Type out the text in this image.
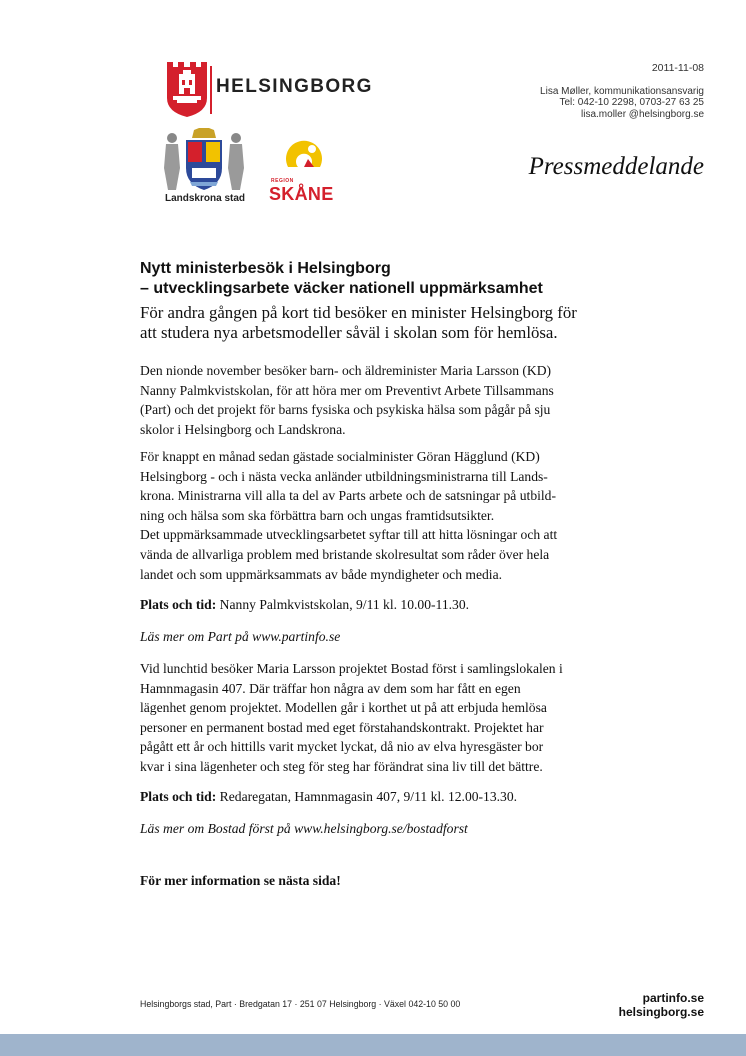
HELSINGBORG
Landskrona stad
REGION
SKÅNE
2011-11-08
Lisa Møller, kommunikationsansvarig
Tel: 042-10 2298, 0703-27 63 25
lisa.moller @helsingborg.se
Pressmeddelande
Nytt ministerbesök i Helsingborg
– utvecklingsarbete väcker nationell uppmärksamhet
För andra gången på kort tid besöker en minister Helsingborg för
att studera nya arbetsmodeller såväl i skolan som för hemlösa.

Den nionde november besöker barn- och äldreminister Maria Larsson (KD)

Nanny Palmkvistskolan, för att höra mer om Preventivt Arbete Tillsammans

(Part) och det projekt för barns fysiska och psykiska hälsa som pågår på sju

skolor i Helsingborg och Landskrona.

För knappt en månad sedan gästade socialminister Göran Hägglund (KD)

Helsingborg - och i nästa vecka anländer utbildningsministrarna till Lands-

krona. Ministrarna vill alla ta del av Parts arbete och de satsningar på utbild-

ning och hälsa som ska förbättra barn och ungas framtidsutsikter.

Det uppmärksammade utvecklingsarbetet syftar till att hitta lösningar och att

vända de allvarliga problem med bristande skolresultat som råder över hela

landet och som uppmärksammats av både myndigheter och media.

Plats och tid: Nanny Palmkvistskolan, 9/11 kl. 10.00-11.30.

Läs mer om Part på www.partinfo.se

Vid lunchtid besöker Maria Larsson projektet Bostad först i samlingslokalen i

Hamnmagasin 407. Där träffar hon några av dem som har fått en egen

lägenhet genom projektet. Modellen går i korthet ut på att erbjuda hemlösa

personer en permanent bostad med eget förstahandskontrakt. Projektet har

pågått ett år och hittills varit mycket lyckat, då nio av elva hyresgäster bor

kvar i sina lägenheter och steg för steg har förändrat sina liv till det bättre.

Plats och tid: Redaregatan, Hamnmagasin 407, 9/11 kl. 12.00-13.30.

Läs mer om Bostad först på www.helsingborg.se/bostadforst
För mer information se nästa sida!
Helsingborgs stad, Part · Bredgatan 17 · 251 07 Helsingborg · Växel 042-10 50 00	partinfo.se
helsingborg.se
